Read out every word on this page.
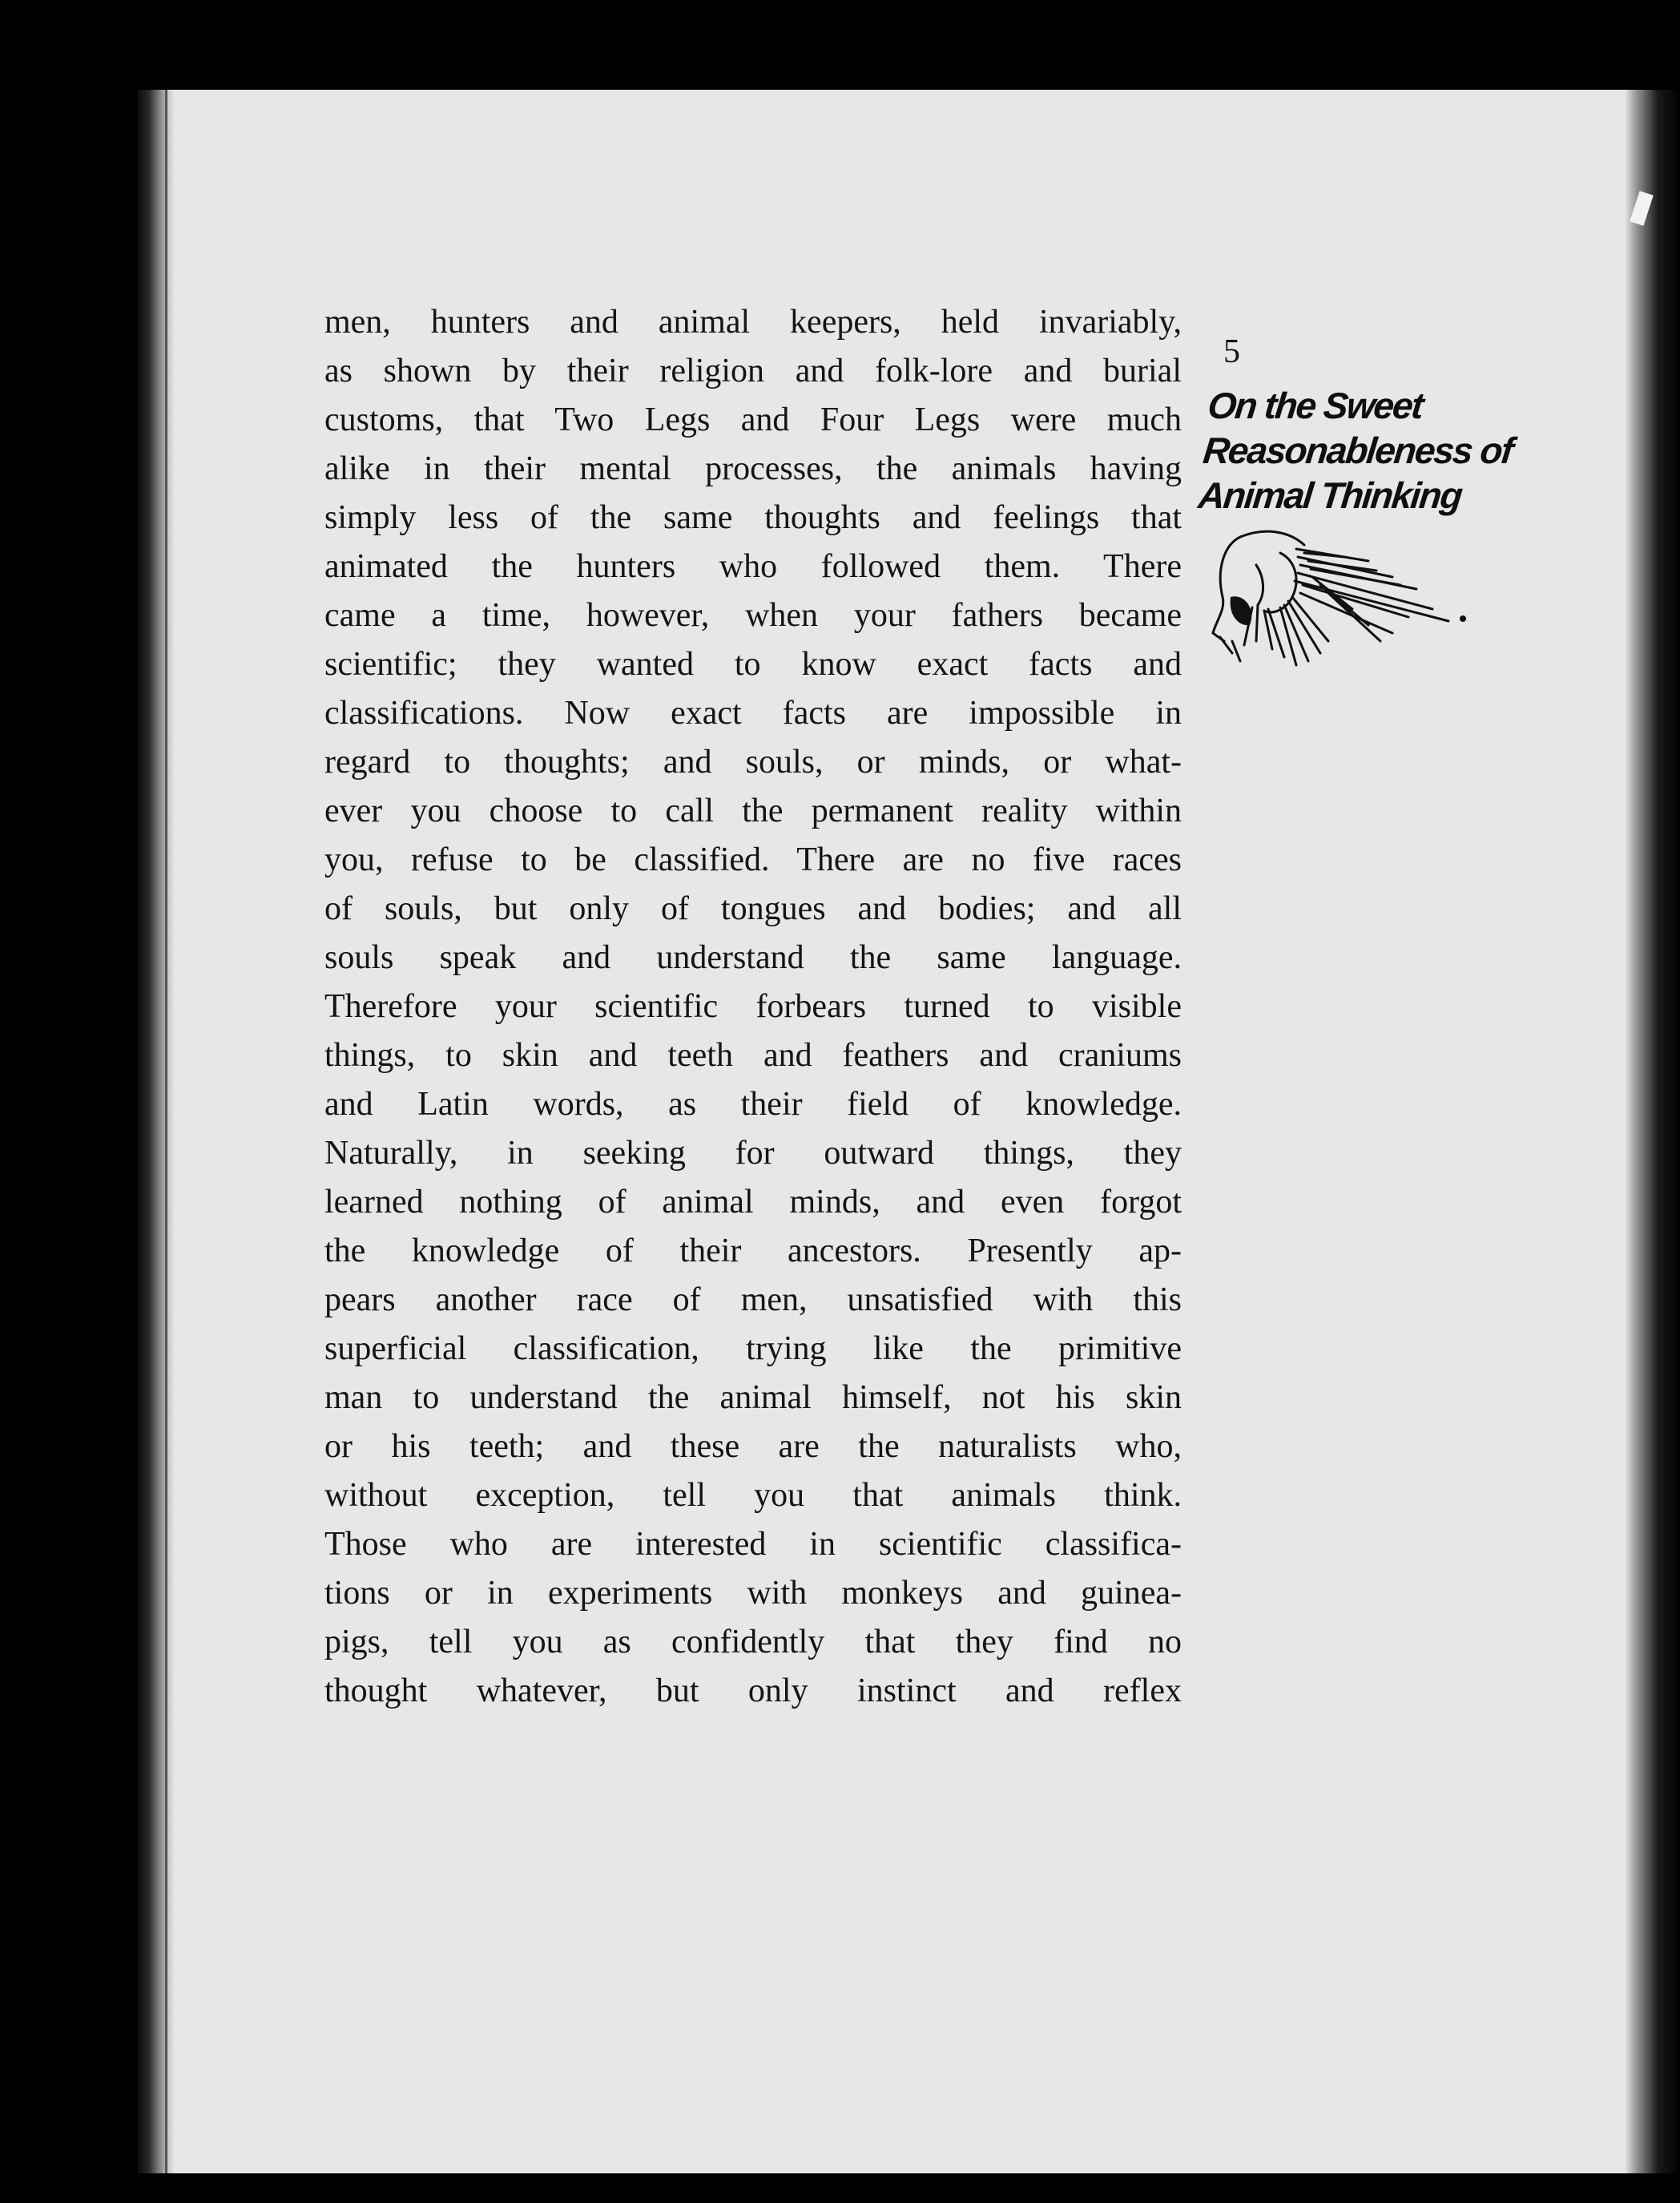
men, hunters and animal keepers, held invariably,
as shown by their religion and folk-lore and burial
customs, that Two Legs and Four Legs were much
alike in their mental processes, the animals having
simply less of the same thoughts and feelings that
animated the hunters who followed them. There
came a time, however, when your fathers became
scientific; they wanted to know exact facts and
classifications. Now exact facts are impossible in
regard to thoughts; and souls, or minds, or what-
ever you choose to call the permanent reality within
you, refuse to be classified. There are no five races
of souls, but only of tongues and bodies; and all
souls speak and understand the same language.
Therefore your scientific forbears turned to visible
things, to skin and teeth and feathers and craniums
and Latin words, as their field of knowledge.
Naturally, in seeking for outward things, they
learned nothing of animal minds, and even forgot
the knowledge of their ancestors. Presently ap-
pears another race of men, unsatisfied with this
superficial classification, trying like the primitive
man to understand the animal himself, not his skin
or his teeth; and these are the naturalists who,
without exception, tell you that animals think.
Those who are interested in scientific classifica-
tions or in experiments with monkeys and guinea-
pigs, tell you as confidently that they find no
thought whatever, but only instinct and reflex
5
On the Sweet
Reasonableness of
Animal Thinking
